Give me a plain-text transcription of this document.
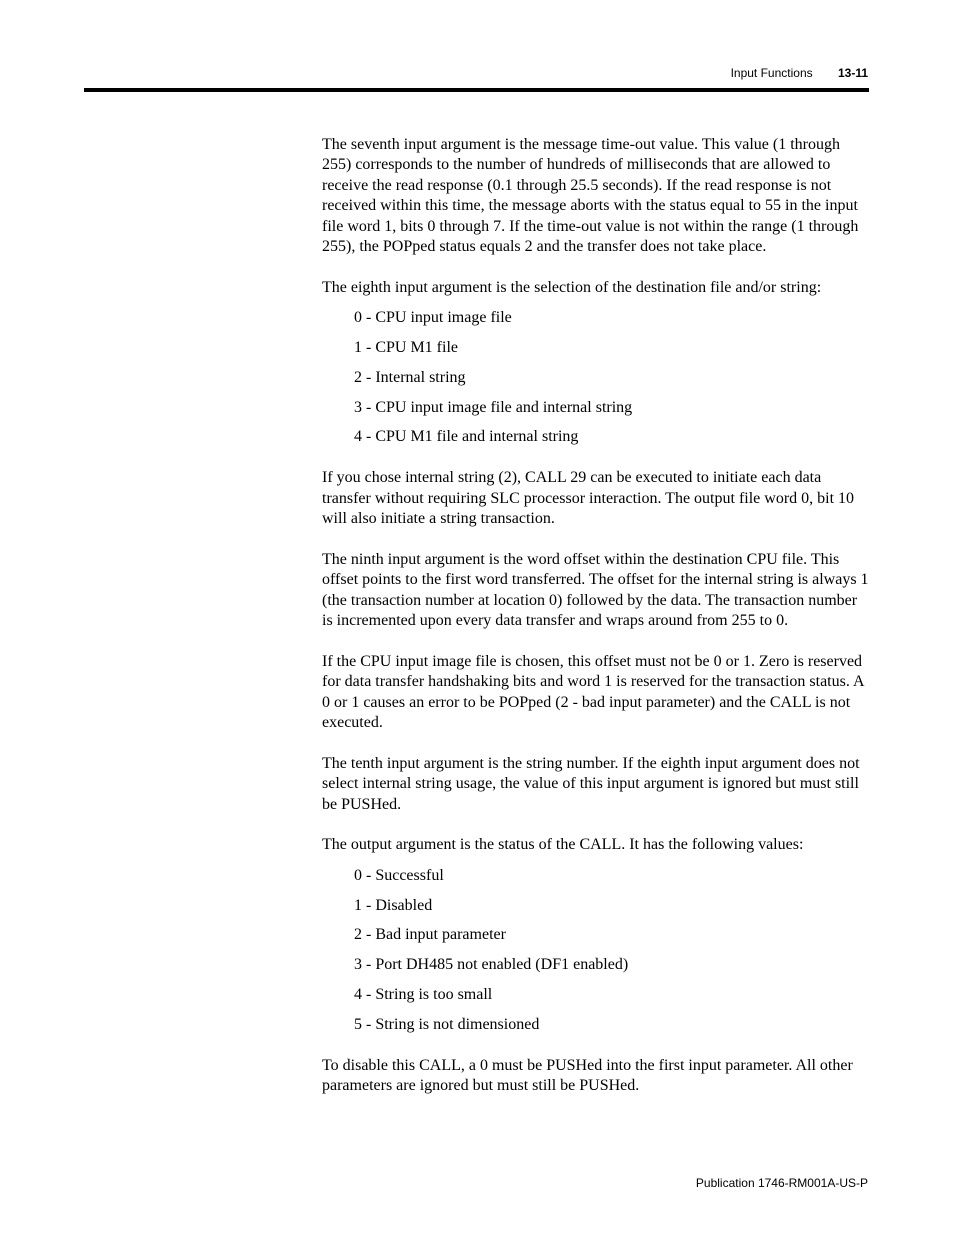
Input Functions 13-11

The seventh input argument is the message time-out value. This value (1 through 255) corresponds to the number of hundreds of milliseconds that are allowed to receive the read response (0.1 through 25.5 seconds). If the read response is not received within this time, the message aborts with the status equal to 55 in the input file word 1, bits 0 through 7. If the time-out value is not within the range (1 through 255), the POPped status equals 2 and the transfer does not take place.

The eighth input argument is the selection of the destination file and/or string:

0 - CPU input image file
1 - CPU M1 file
2 - Internal string
3 - CPU input image file and internal string
4 - CPU M1 file and internal string

If you chose internal string (2), CALL 29 can be executed to initiate each data transfer without requiring SLC processor interaction. The output file word 0, bit 10 will also initiate a string transaction.

The ninth input argument is the word offset within the destination CPU file. This offset points to the first word transferred. The offset for the internal string is always 1 (the transaction number at location 0) followed by the data. The transaction number is incremented upon every data transfer and wraps around from 255 to 0.

If the CPU input image file is chosen, this offset must not be 0 or 1. Zero is reserved for data transfer handshaking bits and word 1 is reserved for the transaction status. A 0 or 1 causes an error to be POPped (2 - bad input parameter) and the CALL is not executed.

The tenth input argument is the string number. If the eighth input argument does not select internal string usage, the value of this input argument is ignored but must still be PUSHed.

The output argument is the status of the CALL. It has the following values:

0 - Successful
1 - Disabled
2 - Bad input parameter
3 - Port DH485 not enabled (DF1 enabled)
4 - String is too small
5 - String is not dimensioned

To disable this CALL, a 0 must be PUSHed into the first input parameter. All other parameters are ignored but must still be PUSHed.

Publication 1746-RM001A-US-P
